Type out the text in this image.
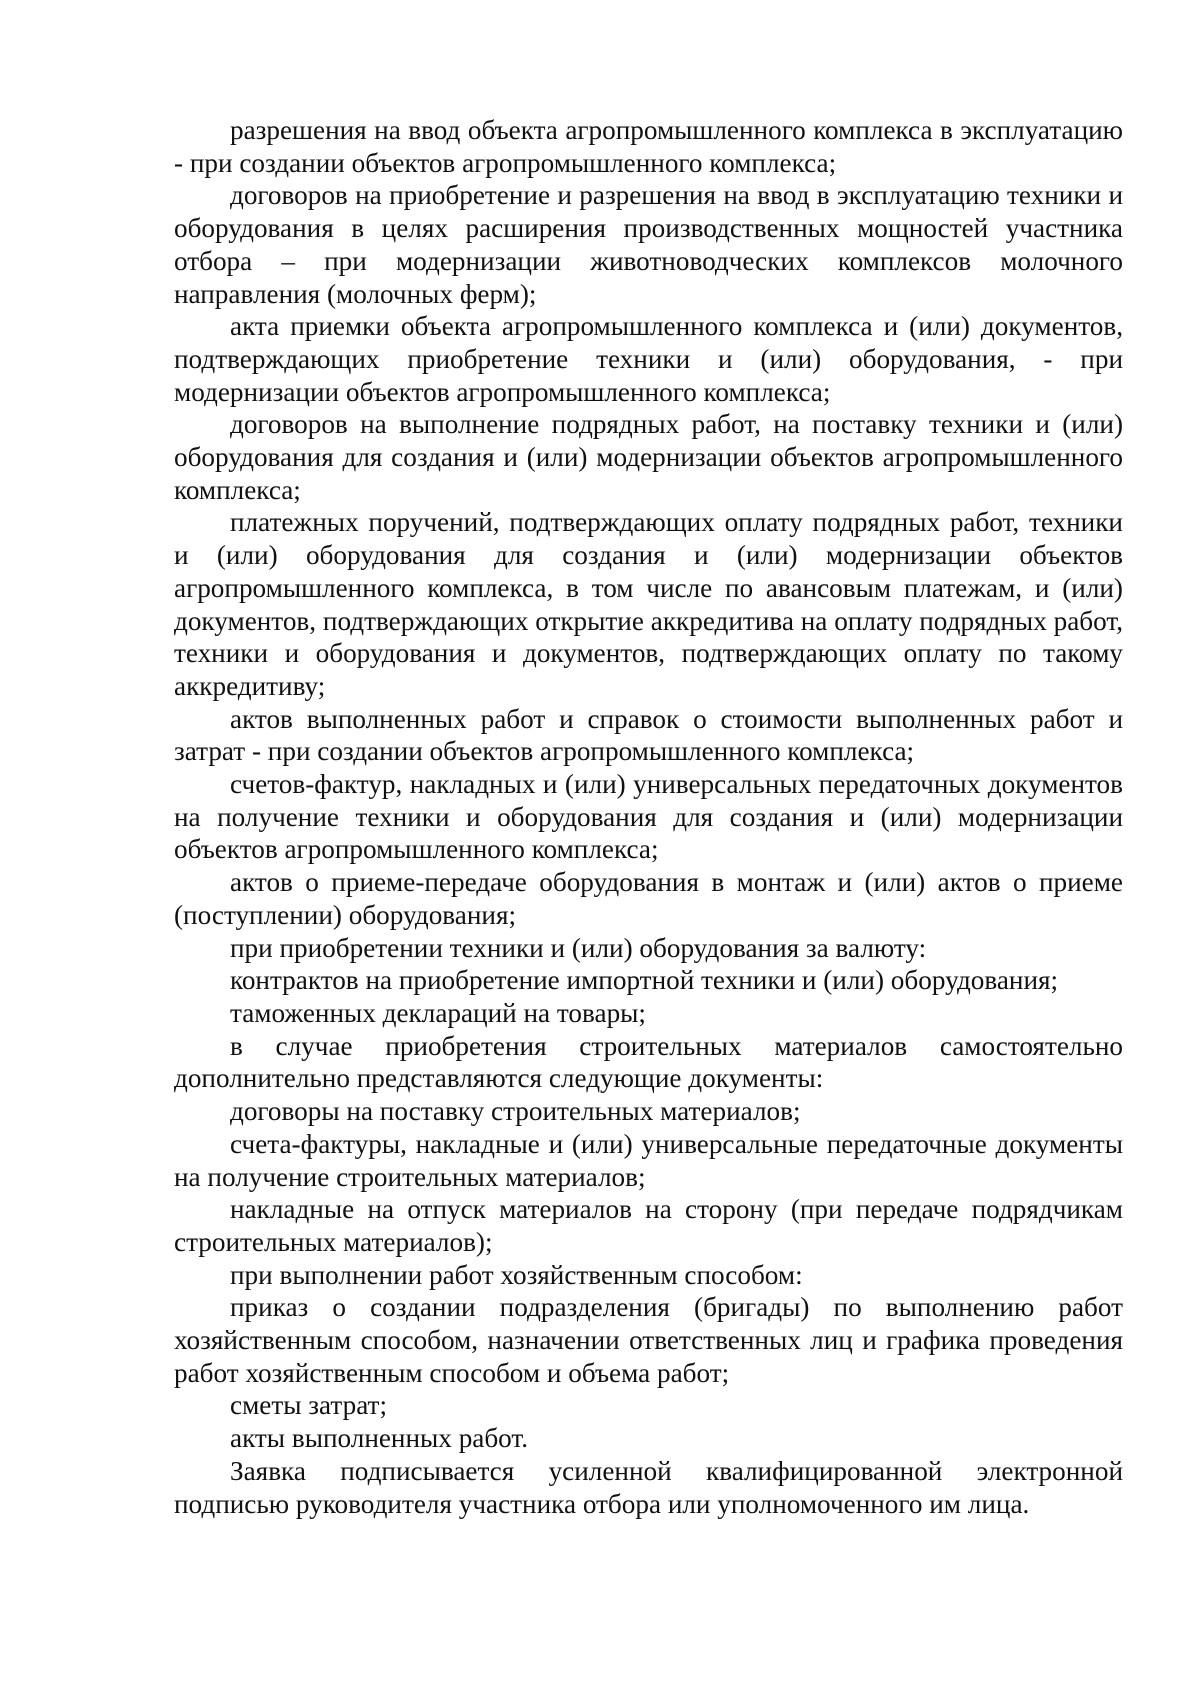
разрешения на ввод объекта агропромышленного комплекса в эксплуатацию - при создании объектов агропромышленного комплекса;

договоров на приобретение и разрешения на ввод в эксплуатацию техники и оборудования в целях расширения производственных мощностей участника отбора – при модернизации животноводческих комплексов молочного направления (молочных ферм);

акта приемки объекта агропромышленного комплекса и (или) документов, подтверждающих приобретение техники и (или) оборудования, - при модернизации объектов агропромышленного комплекса;

договоров на выполнение подрядных работ, на поставку техники и (или) оборудования для создания и (или) модернизации объектов агропромышленного комплекса;

платежных поручений, подтверждающих оплату подрядных работ, техники и (или) оборудования для создания и (или) модернизации объектов агропромышленного комплекса, в том числе по авансовым платежам, и (или) документов, подтверждающих открытие аккредитива на оплату подрядных работ, техники и оборудования и документов, подтверждающих оплату по такому аккредитиву;

актов выполненных работ и справок о стоимости выполненных работ и затрат - при создании объектов агропромышленного комплекса;

счетов-фактур, накладных и (или) универсальных передаточных документов на получение техники и оборудования для создания и (или) модернизации объектов агропромышленного комплекса;

актов о приеме-передаче оборудования в монтаж и (или) актов о приеме (поступлении) оборудования;

при приобретении техники и (или) оборудования за валюту:

контрактов на приобретение импортной техники и (или) оборудования;

таможенных деклараций на товары;

в случае приобретения строительных материалов самостоятельно дополнительно представляются следующие документы:

договоры на поставку строительных материалов;

счета-фактуры, накладные и (или) универсальные передаточные документы на получение строительных материалов;

накладные на отпуск материалов на сторону (при передаче подрядчикам строительных материалов);

при выполнении работ хозяйственным способом:

приказ о создании подразделения (бригады) по выполнению работ хозяйственным способом, назначении ответственных лиц и графика проведения работ хозяйственным способом и объема работ;

сметы затрат;

акты выполненных работ.

Заявка подписывается усиленной квалифицированной электронной подписью руководителя участника отбора или уполномоченного им лица.
